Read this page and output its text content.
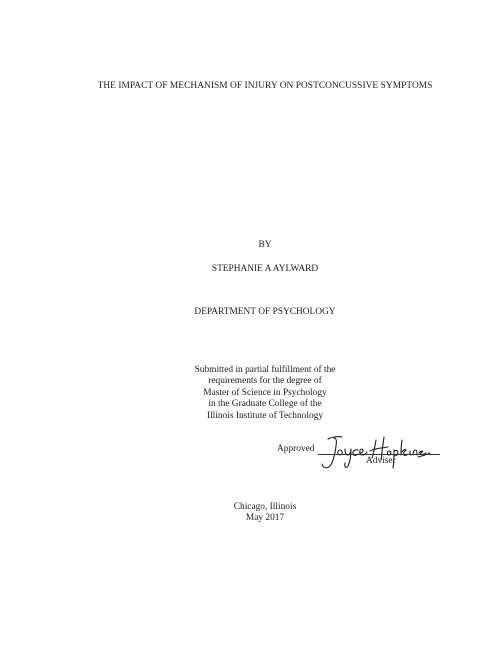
THE IMPACT OF MECHANISM OF INJURY ON POSTCONCUSSIVE SYMPTOMS
BY
STEPHANIE A AYLWARD
DEPARTMENT OF PSYCHOLOGY
Submitted in partial fulfillment of the
requirements for the degree of
Master of Science in Psychology
in the Graduate College of the
Illinois Institute of Technology
Approved
Adviser
Chicago, Illinois
May 2017
